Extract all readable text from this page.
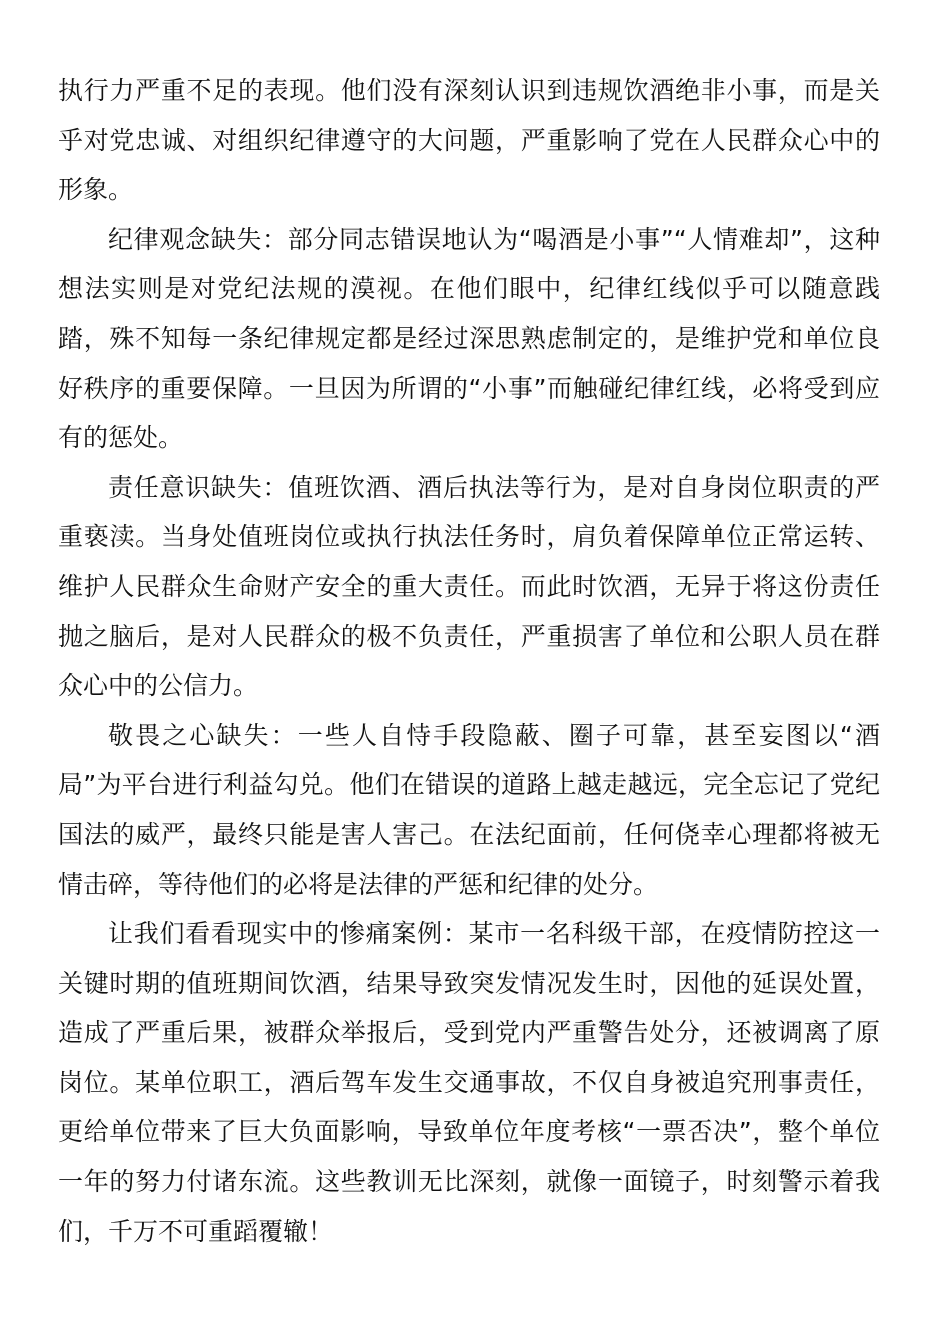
执行力严重不足的表现。他们没有深刻认识到违规饮酒绝非小事，而是关乎对党忠诚、对组织纪律遵守的大问题，严重影响了党在人民群众心中的形象。

纪律观念缺失：部分同志错误地认为“喝酒是小事”“人情难却”，这种想法实则是对党纪法规的漠视。在他们眼中，纪律红线似乎可以随意践踏，殊不知每一条纪律规定都是经过深思熟虑制定的，是维护党和单位良好秩序的重要保障。一旦因为所谓的“小事”而触碰纪律红线，必将受到应有的惩处。

责任意识缺失：值班饮酒、酒后执法等行为，是对自身岗位职责的严重亵渎。当身处值班岗位或执行执法任务时，肩负着保障单位正常运转、维护人民群众生命财产安全的重大责任。而此时饮酒，无异于将这份责任抛之脑后，是对人民群众的极不负责任，严重损害了单位和公职人员在群众心中的公信力。

敬畏之心缺失：一些人自恃手段隐蔽、圈子可靠，甚至妄图以“酒局”为平台进行利益勾兑。他们在错误的道路上越走越远，完全忘记了党纪国法的威严，最终只能是害人害己。在法纪面前，任何侥幸心理都将被无情击碎，等待他们的必将是法律的严惩和纪律的处分。

让我们看看现实中的惨痛案例：某市一名科级干部，在疫情防控这一关键时期的值班期间饮酒，结果导致突发情况发生时，因他的延误处置，造成了严重后果，被群众举报后，受到党内严重警告处分，还被调离了原岗位。某单位职工，酒后驾车发生交通事故，不仅自身被追究刑事责任，更给单位带来了巨大负面影响，导致单位年度考核“一票否决”，整个单位一年的努力付诸东流。这些教训无比深刻，就像一面镜子，时刻警示着我们，千万不可重蹈覆辙！
